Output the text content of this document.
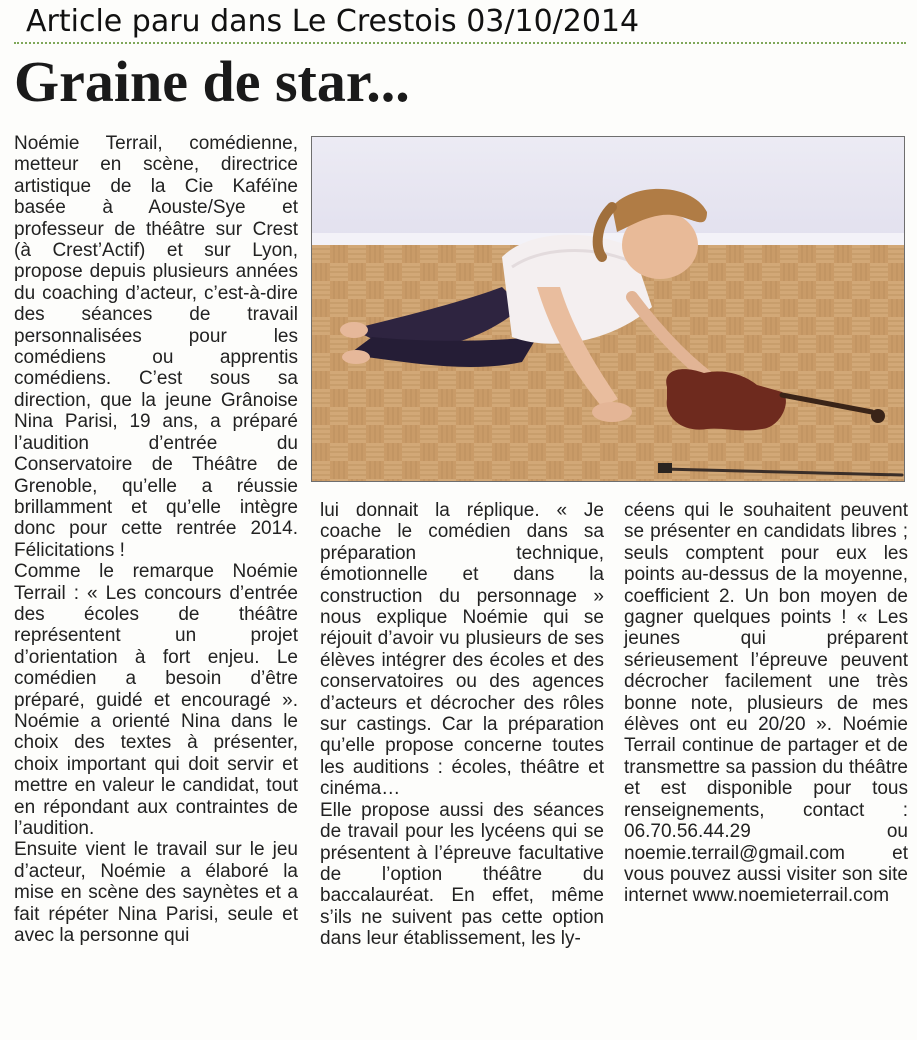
Article paru dans Le Crestois 03/10/2014
Graine de star...

Noémie Terrail, comédienne, metteur en scène, directrice artistique de la Cie Kaféïne basée à Aouste/Sye et professeur de théâtre sur Crest (à Crest’Actif) et sur Lyon, propose depuis plusieurs années du coaching d’acteur, c’est-à-dire des séances de travail personnalisées pour les comédiens ou apprentis comédiens. C’est sous sa direction, que la jeune Grânoise Nina Parisi, 19 ans, a préparé l’audition d’entrée du Conservatoire de Théâtre de Grenoble, qu’elle a réussie brillamment et qu’elle intègre donc pour cette rentrée 2014. Félicitations !

Comme le remarque Noémie Terrail : « Les concours d’entrée des écoles de théâtre représentent un projet d’orientation à fort enjeu. Le comédien a besoin d’être préparé, guidé et encouragé ». Noémie a orienté Nina dans le choix des textes à présenter, choix important qui doit servir et mettre en valeur le candidat, tout en répondant aux contraintes de l’audition.

Ensuite vient le travail sur le jeu d’acteur, Noémie a élaboré la mise en scène des saynètes et a fait répéter Nina Parisi, seule et avec la personne qui

lui donnait la réplique. « Je coache le comédien dans sa préparation technique, émotionnelle et dans la construction du personnage » nous explique Noémie qui se réjouit d’avoir vu plusieurs de ses élèves intégrer des écoles et des conservatoires ou des agences d’acteurs et décrocher des rôles sur castings. Car la préparation qu’elle propose concerne toutes les auditions : écoles, théâtre et cinéma…

Elle propose aussi des séances de travail pour les lycéens qui se présentent à l’épreuve facultative de l’option théâtre du baccalauréat. En effet, même s’ils ne suivent pas cette option dans leur établissement, les ly-

céens qui le souhaitent peuvent se présenter en candidats libres ; seuls comptent pour eux les points au-dessus de la moyenne, coefficient 2. Un bon moyen de gagner quelques points ! « Les jeunes qui préparent sérieusement l’épreuve peuvent décrocher facilement une très bonne note, plusieurs de mes élèves ont eu 20/20 ». Noémie Terrail continue de partager et de transmettre sa passion du théâtre et est disponible pour tous renseignements, contact : 06.70.56.44.29 ou noemie.terrail@gmail.com et vous pouvez aussi visiter son site internet www.noemieterrail.com
